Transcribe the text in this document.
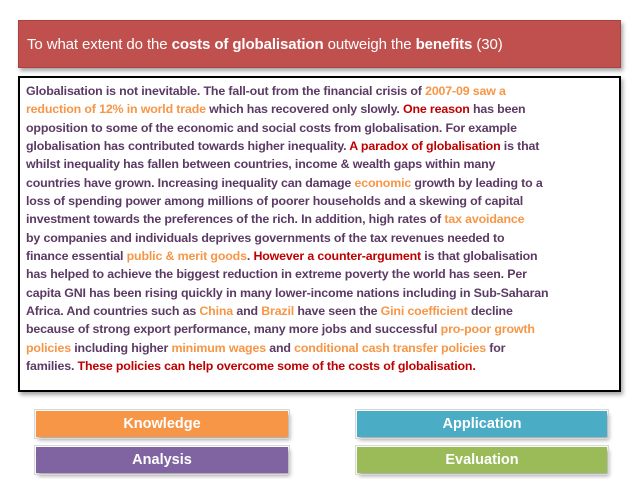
To what extent do the costs of globalisation outweigh the benefits (30)

Globalisation is not inevitable. The fall-out from the financial crisis of 2007-09 saw a
reduction of 12% in world trade which has recovered only slowly. One reason has been
opposition to some of the economic and social costs from globalisation. For example
globalisation has contributed towards higher inequality. A paradox of globalisation is that
whilst inequality has fallen between countries, income & wealth gaps within many
countries have grown. Increasing inequality can damage economic growth by leading to a
loss of spending power among millions of poorer households and a skewing of capital
investment towards the preferences of the rich. In addition, high rates of tax avoidance
by companies and individuals deprives governments of the tax revenues needed to
finance essential public & merit goods. However a counter-argument is that globalisation
has helped to achieve the biggest reduction in extreme poverty the world has seen. Per
capita GNI has been rising quickly in many lower-income nations including in Sub-Saharan
Africa. And countries such as China and Brazil have seen the Gini coefficient decline
because of strong export performance, many more jobs and successful pro-poor growth
policies including higher minimum wages and conditional cash transfer policies for
families. These policies can help overcome some of the costs of globalisation.

Knowledge
Analysis
Application
Evaluation
